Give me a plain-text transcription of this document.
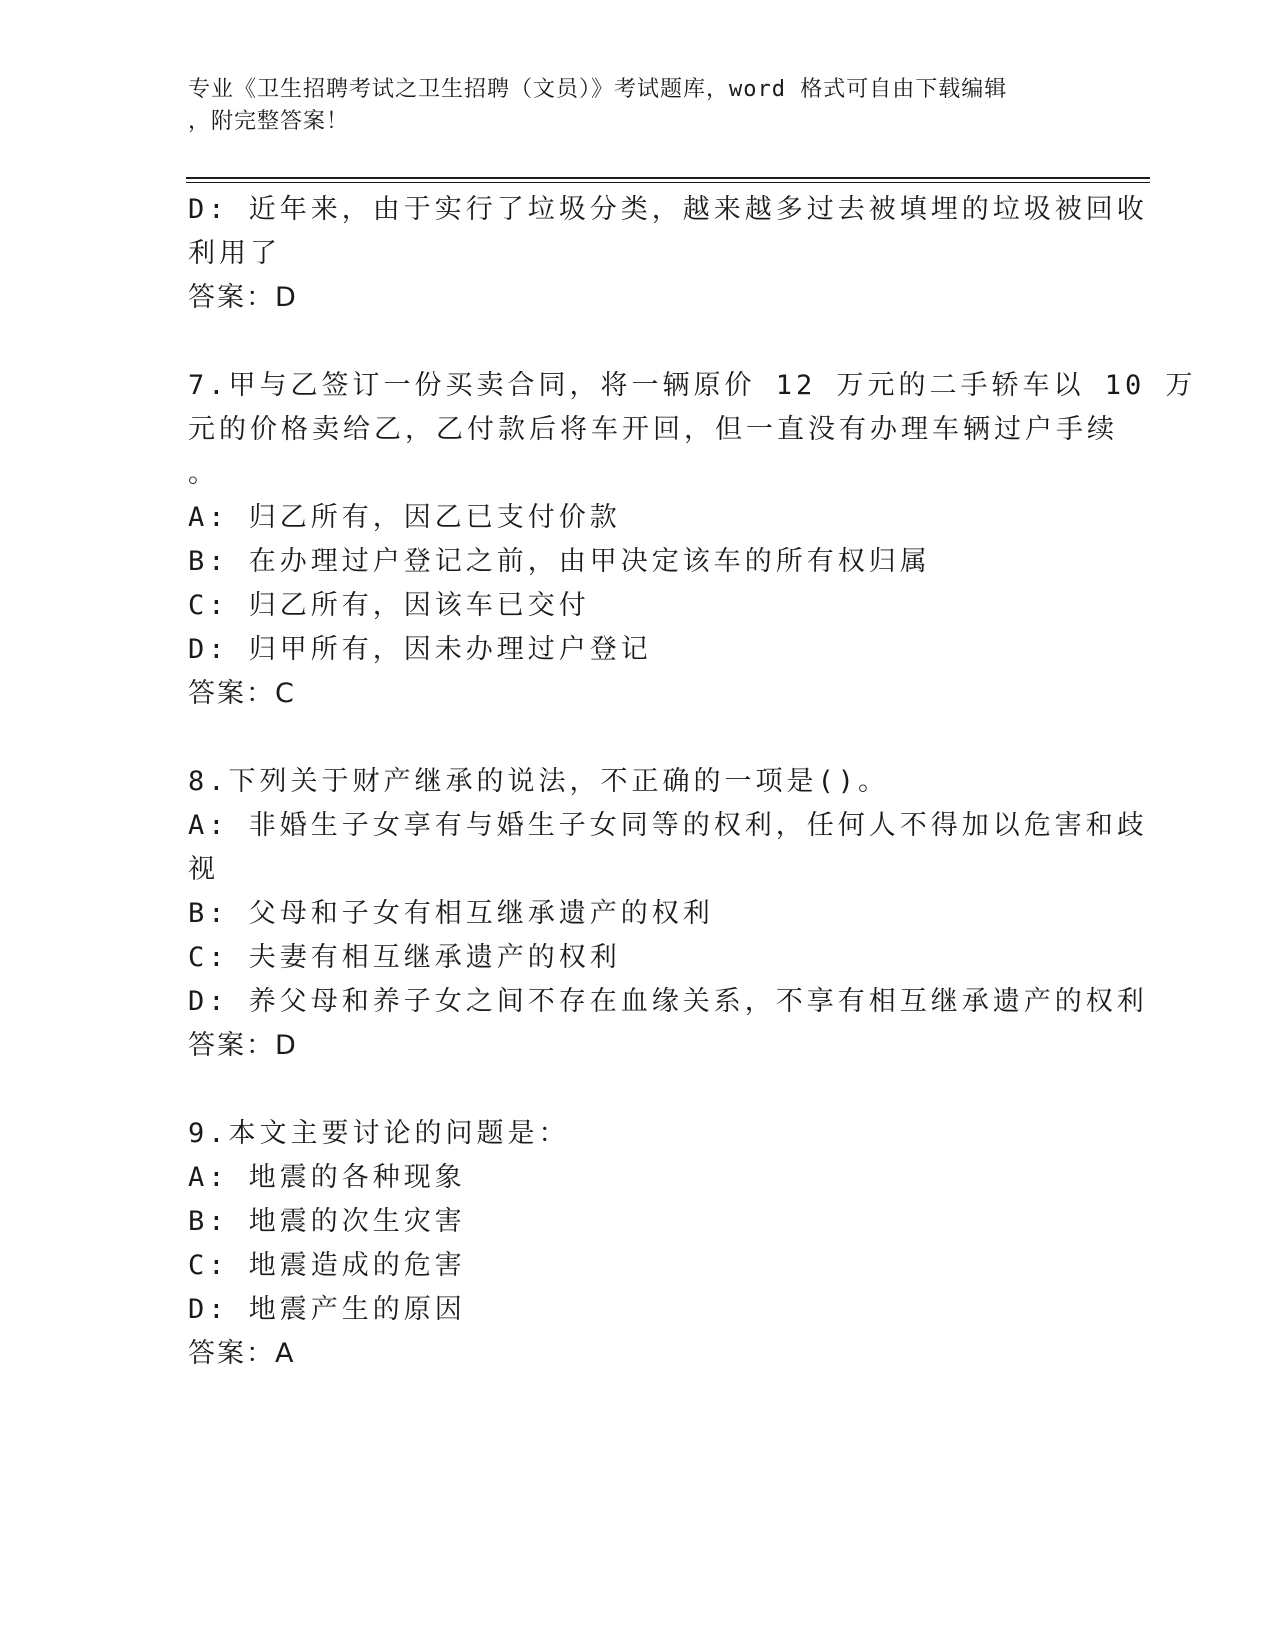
专业《卫生招聘考试之卫生招聘（文员）》考试题库，word 格式可自由下载编辑
，附完整答案！

D: 近年来，由于实行了垃圾分类，越来越多过去被填埋的垃圾被回收

利用了

答案：D

7.甲与乙签订一份买卖合同，将一辆原价 12 万元的二手轿车以 10 万

元的价格卖给乙，乙付款后将车开回，但一直没有办理车辆过户手续

。

A: 归乙所有，因乙已支付价款

B: 在办理过户登记之前，由甲决定该车的所有权归属

C: 归乙所有，因该车已交付

D: 归甲所有，因未办理过户登记

答案：C

8.下列关于财产继承的说法，不正确的一项是()。

A: 非婚生子女享有与婚生子女同等的权利，任何人不得加以危害和歧

视

B: 父母和子女有相互继承遗产的权利

C: 夫妻有相互继承遗产的权利

D: 养父母和养子女之间不存在血缘关系，不享有相互继承遗产的权利

答案：D

9.本文主要讨论的问题是：

A: 地震的各种现象

B: 地震的次生灾害

C: 地震造成的危害

D: 地震产生的原因

答案：A
